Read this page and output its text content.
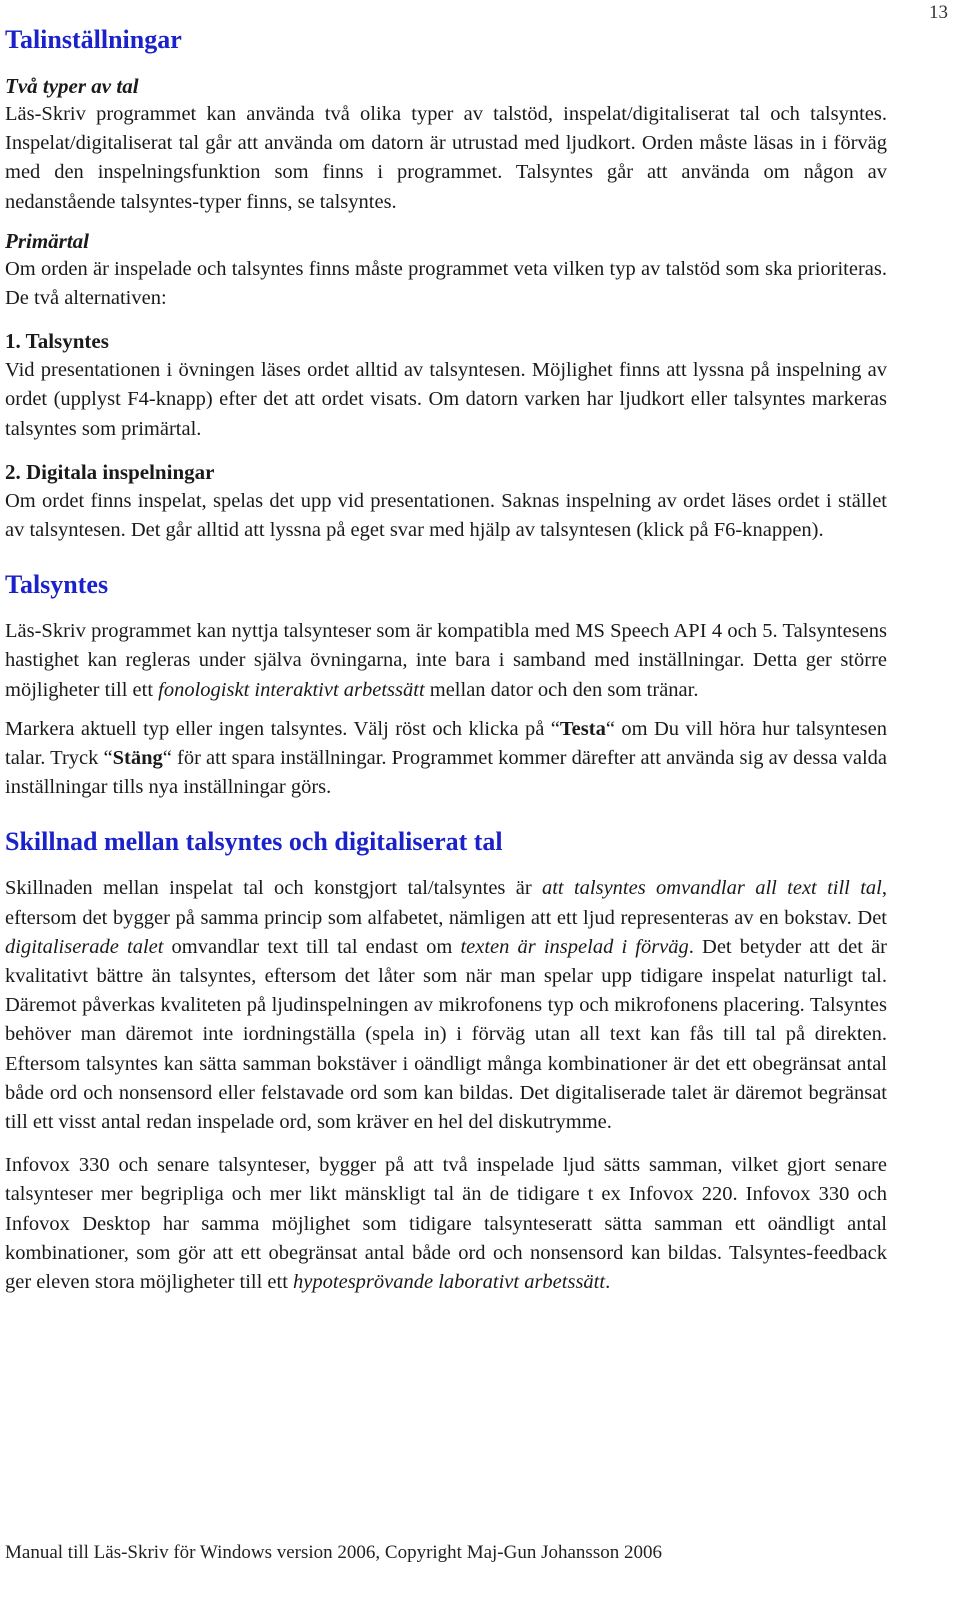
13
Talinställningar
Två typer av tal

Läs-Skriv programmet kan använda två olika typer av talstöd, inspelat/digitaliserat tal och talsyntes. Inspelat/digitaliserat tal går att använda om datorn är utrustad med ljudkort. Orden måste läsas in i förväg med den inspelningsfunktion som finns i programmet. Talsyntes går att använda om någon av nedanstående talsyntes-typer finns, se talsyntes.

Primärtal

Om orden är inspelade och talsyntes finns måste programmet veta vilken typ av talstöd som ska prioriteras. De två alternativen:

1. Talsyntes

Vid presentationen i övningen läses ordet alltid av talsyntesen. Möjlighet finns att lyssna på inspelning av ordet (upplyst F4-knapp) efter det att ordet visats. Om datorn varken har ljudkort eller talsyntes markeras talsyntes som primärtal.

2. Digitala inspelningar

Om ordet finns inspelat, spelas det upp vid presentationen. Saknas inspelning av ordet läses ordet i stället av talsyntesen. Det går alltid att lyssna på eget svar med hjälp av talsyntesen (klick på F6-knappen).

Talsyntes

Läs-Skriv programmet kan nyttja talsynteser som är kompatibla med MS Speech API 4 och 5. Talsyntesens hastighet kan regleras under själva övningarna, inte bara i samband med inställningar. Detta ger större möjligheter till ett fonologiskt interaktivt arbetssätt mellan dator och den som tränar.

Markera aktuell typ eller ingen talsyntes. Välj röst och klicka på “Testa“ om Du vill höra hur talsyntesen talar. Tryck “Stäng“ för att spara inställningar. Programmet kommer därefter att använda sig av dessa valda inställningar tills nya inställningar görs.

Skillnad mellan talsyntes och digitaliserat tal

Skillnaden mellan inspelat tal och konstgjort tal/talsyntes är att talsyntes omvandlar all text till tal, eftersom det bygger på samma princip som alfabetet, nämligen att ett ljud representeras av en bokstav. Det digitaliserade talet omvandlar text till tal endast om texten är inspelad i förväg. Det betyder att det är kvalitativt bättre än talsyntes, eftersom det låter som när man spelar upp tidigare inspelat naturligt tal. Däremot påverkas kvaliteten på ljudinspelningen av mikrofonens typ och mikrofonens placering. Talsyntes behöver man däremot inte iordningställa (spela in) i förväg utan all text kan fås till tal på direkten. Eftersom talsyntes kan sätta samman bokstäver i oändligt många kombinationer är det ett obegränsat antal både ord och nonsensord eller felstavade ord som kan bildas. Det digitaliserade talet är däremot begränsat till ett visst antal redan inspelade ord, som kräver en hel del diskutrymme.

Infovox 330 och senare talsynteser, bygger på att två inspelade ljud sätts samman, vilket gjort senare talsynteser mer begripliga och mer likt mänskligt tal än de tidigare t ex Infovox 220. Infovox 330 och Infovox Desktop har samma möjlighet som tidigare talsynteseratt sätta samman ett oändligt antal kombinationer, som gör att ett obegränsat antal både ord och nonsensord kan bildas. Talsyntes-feedback ger eleven stora möjligheter till ett hypotesprövande laborativt arbetssätt.

Manual till Läs-Skriv för Windows version 2006, Copyright Maj-Gun Johansson 2006
